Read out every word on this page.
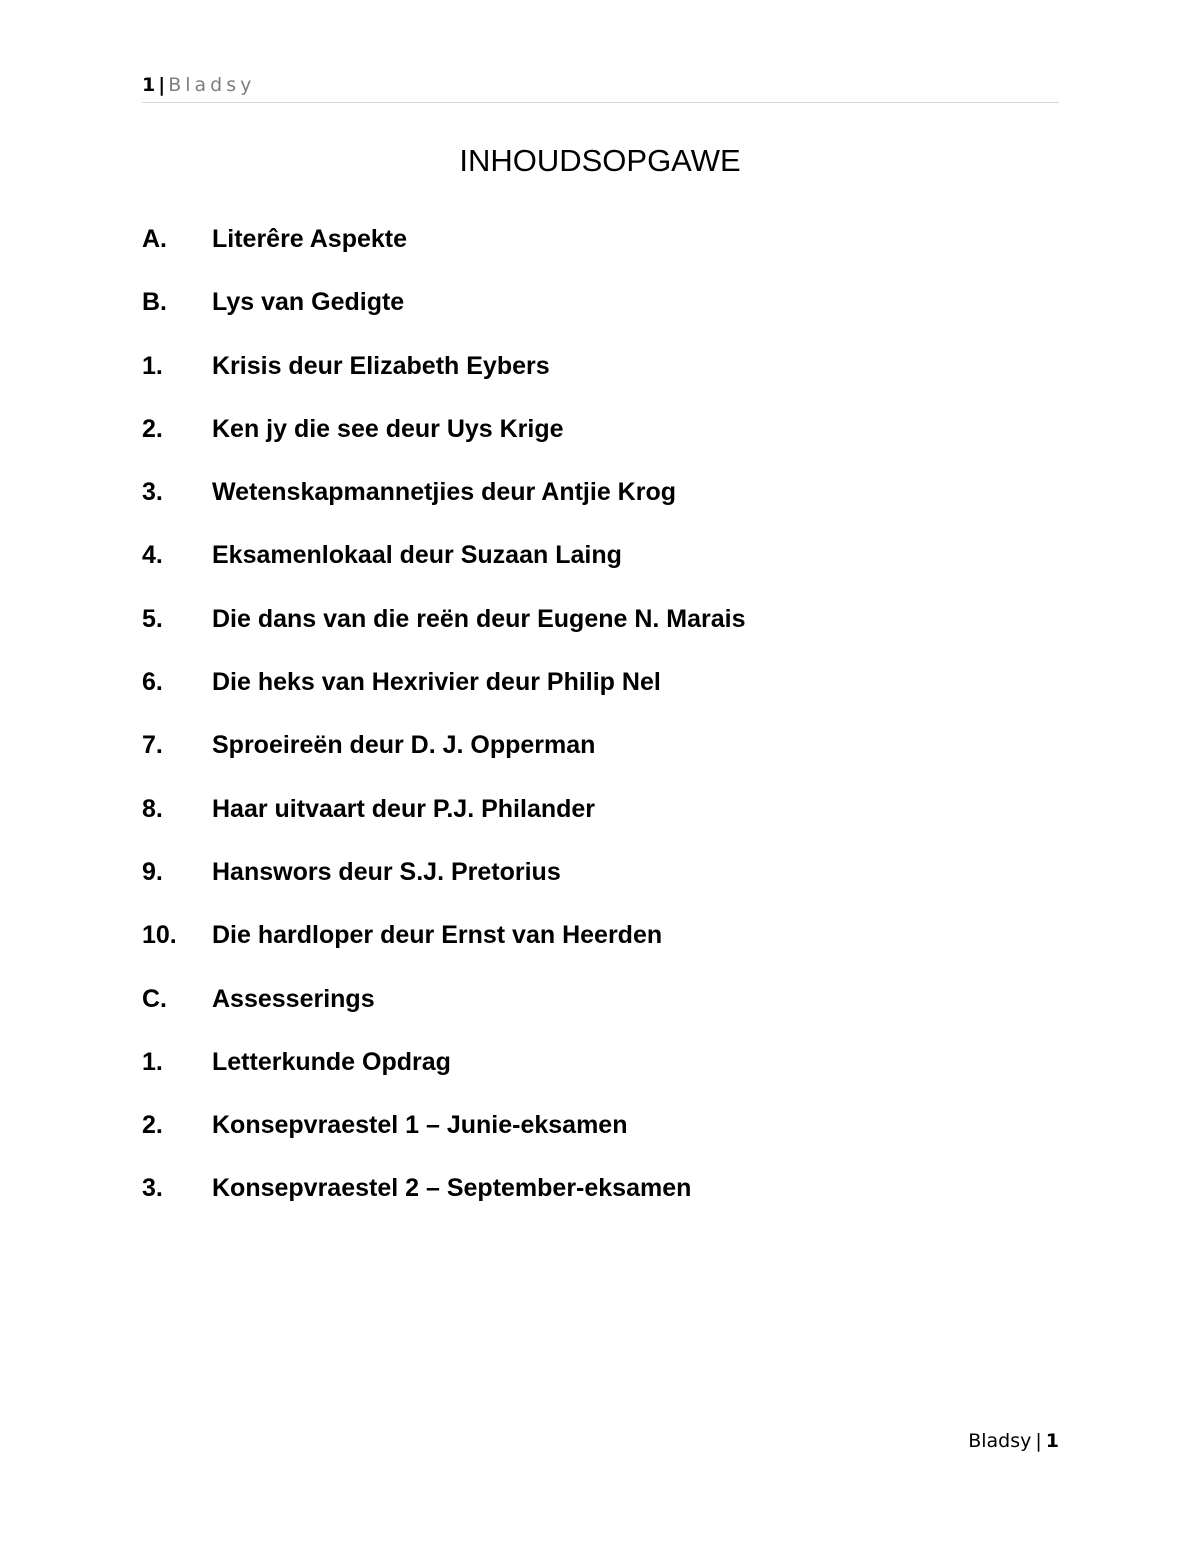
1 | Bladsy
INHOUDSOPGAWE
A.	Literêre Aspekte
B.	Lys van Gedigte
1.	Krisis deur Elizabeth Eybers
2.	Ken jy die see deur Uys Krige
3.	Wetenskapmannetjies deur Antjie Krog
4.	Eksamenlokaal deur Suzaan Laing
5.	Die dans van die reën deur Eugene N. Marais
6.	Die heks van Hexrivier deur Philip Nel
7.	Sproeireën deur D. J. Opperman
8.	Haar uitvaart deur P.J. Philander
9.	Hanswors deur S.J. Pretorius
10.	Die hardloper deur Ernst van Heerden
C.	Assesserings
1.	Letterkunde Opdrag
2.	Konsepvraestel 1 – Junie-eksamen
3.	Konsepvraestel 2 – September-eksamen
Bladsy | 1
